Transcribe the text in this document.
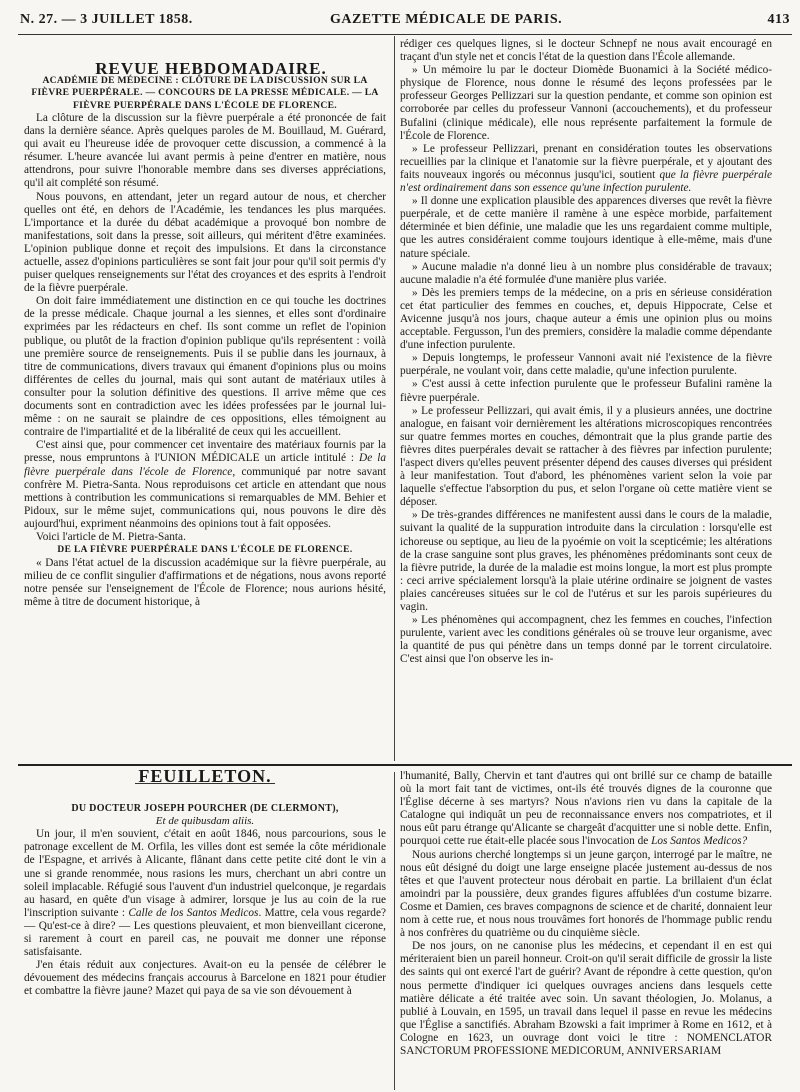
N. 27. — 3 JUILLET 1858.	GAZETTE MÉDICALE DE PARIS.	413

REVUE HEBDOMADAIRE.

ACADÉMIE DE MÉDECINE : CLÔTURE DE LA DISCUSSION SUR LA FIÈVRE PUERPÉRALE. — CONCOURS DE LA PRESSE MÉDICALE. — LA FIÈVRE PUERPÉRALE DANS L'ÉCOLE DE FLORENCE.

La clôture de la discussion sur la fièvre puerpérale a été prononcée de fait dans la dernière séance. Après quelques paroles de M. Bouillaud, M. Guérard, qui avait eu l'heureuse idée de provoquer cette discussion, a commencé à la résumer. L'heure avancée lui avant permis à peine d'entrer en matière, nous attendrons, pour suivre l'honorable membre dans ses diverses appréciations, qu'il ait complété son résumé.

Nous pouvons, en attendant, jeter un regard autour de nous, et chercher quelles ont été, en dehors de l'Académie, les tendances les plus marquées. L'importance et la durée du débat académique a provoqué bon nombre de manifestations, soit dans la presse, soit ailleurs, qui méritent d'être examinées. L'opinion publique donne et reçoit des impulsions. Et dans la circonstance actuelle, assez d'opinions particulières se sont fait jour pour qu'il soit permis d'y puiser quelques renseignements sur l'état des croyances et des esprits à l'endroit de la fièvre puerpérale.

On doit faire immédiatement une distinction en ce qui touche les doctrines de la presse médicale. Chaque journal a les siennes, et elles sont d'ordinaire exprimées par les rédacteurs en chef. Ils sont comme un reflet de l'opinion publique, ou plutôt de la fraction d'opinion publique qu'ils représentent : voilà une première source de renseignements. Puis il se publie dans les journaux, à titre de communications, divers travaux qui émanent d'opinions plus ou moins différentes de celles du journal, mais qui sont autant de matériaux utiles à consulter pour la solution définitive des questions. Il arrive même que ces documents sont en contradiction avec les idées professées par le journal lui-même : on ne saurait se plaindre de ces oppositions, elles témoignent au contraire de l'impartialité et de la libéralité de ceux qui les accueillent.

C'est ainsi que, pour commencer cet inventaire des matériaux fournis par la presse, nous empruntons à l'UNION MÉDICALE un article intitulé : De la fièvre puerpérale dans l'école de Florence, communiqué par notre savant confrère M. Pietra-Santa. Nous reproduisons cet article en attendant que nous mettions à contribution les communications si remarquables de MM. Behier et Pidoux, sur le même sujet, communications qui, nous pouvons le dire dès aujourd'hui, expriment néanmoins des opinions tout à fait opposées.

Voici l'article de M. Pietra-Santa.

DE LA FIÈVRE PUERPÉRALE DANS L'ÉCOLE DE FLORENCE.

« Dans l'état actuel de la discussion académique sur la fièvre puerpérale, au milieu de ce conflit singulier d'affirmations et de négations, nous avons reporté notre pensée sur l'enseignement de l'École de Florence; nous aurions hésité, même à titre de document historique, à

rédiger ces quelques lignes, si le docteur Schnepf ne nous avait encouragé en traçant d'un style net et concis l'état de la question dans l'École allemande.

» Un mémoire lu par le docteur Diomède Buonamici à la Société médico-physique de Florence, nous donne le résumé des leçons professées par le professeur Georges Pellizzari sur la question pendante, et comme son opinion est corroborée par celles du professeur Vannoni (accouchements), et du professeur Bufalini (clinique médicale), elle nous représente parfaitement la formule de l'École de Florence.

» Le professeur Pellizzari, prenant en considération toutes les observations recueillies par la clinique et l'anatomie sur la fièvre puerpérale, et y ajoutant des faits nouveaux ingorés ou méconnus jusqu'ici, soutient que la fièvre puerpérale n'est ordinairement dans son essence qu'une infection purulente.

» Il donne une explication plausible des apparences diverses que revêt la fièvre puerpérale, et de cette manière il ramène à une espèce morbide, parfaitement déterminée et bien définie, une maladie que les uns regardaient comme multiple, que les autres considéraient comme toujours identique à elle-même, mais d'une nature spéciale.

» Aucune maladie n'a donné lieu à un nombre plus considérable de travaux; aucune maladie n'a été formulée d'une manière plus variée.

» Dès les premiers temps de la médecine, on a pris en sérieuse considération cet état particulier des femmes en couches, et, depuis Hippocrate, Celse et Avicenne jusqu'à nos jours, chaque auteur a émis une opinion plus ou moins acceptable. Fergusson, l'un des premiers, considère la maladie comme dépendante d'une infection purulente.

» Depuis longtemps, le professeur Vannoni avait nié l'existence de la fièvre puerpérale, ne voulant voir, dans cette maladie, qu'une infection purulente.

» C'est aussi à cette infection purulente que le professeur Bufalini ramène la fièvre puerpérale.

» Le professeur Pellizzari, qui avait émis, il y a plusieurs années, une doctrine analogue, en faisant voir dernièrement les altérations microscopiques rencontrées sur quatre femmes mortes en couches, démontrait que la plus grande partie des fièvres dites puerpérales devait se rattacher à des fièvres par infection purulente; l'aspect divers qu'elles peuvent présenter dépend des causes diverses qui président à leur manifestation. Tout d'abord, les phénomènes varient selon la voie par laquelle s'effectue l'absorption du pus, et selon l'organe où cette matière vient se déposer.

» De très-grandes différences ne manifestent aussi dans le cours de la maladie, suivant la qualité de la suppuration introduite dans la circulation : lorsqu'elle est ichoreuse ou septique, au lieu de la pyoémie on voit la scepticémie; les altérations de la crase sanguine sont plus graves, les phénomènes prédominants sont ceux de la fièvre putride, la durée de la maladie est moins longue, la mort est plus prompte : ceci arrive spécialement lorsqu'à la plaie utérine ordinaire se joignent de vastes plaies cancéreuses situées sur le col de l'utérus et sur les parois supérieures du vagin.

» Les phénomènes qui accompagnent, chez les femmes en couches, l'infection purulente, varient avec les conditions générales où se trouve leur organisme, avec la quantité de pus qui pénètre dans un temps donné par le torrent circulatoire. C'est ainsi que l'on observe les in-

FEUILLETON.

DU DOCTEUR JOSEPH POURCHER (DE CLERMONT),

Et de quibusdam aliis.

Un jour, il m'en souvient, c'était en août 1846, nous parcourions, sous le patronage excellent de M. Orfila, les villes dont est semée la côte méridionale de l'Espagne, et arrivés à Alicante, flânant dans cette petite cité dont le vin a une si grande renommée, nous rasions les murs, cherchant un abri contre un soleil implacable. Réfugié sous l'auvent d'un industriel quelconque, je regardais au hasard, en quête d'un visage à admirer, lorsque je lus au coin de la rue l'inscription suivante : Calle de los Santos Medicos. Mattre, cela vous regarde? — Qu'est-ce à dire? — Les questions pleuvaient, et mon bienveillant cicerone, si rarement à court en pareil cas, ne pouvait me donner une réponse satisfaisante.

J'en étais réduit aux conjectures. Avait-on eu la pensée de célébrer le dévouement des médecins français accourus à Barcelone en 1821 pour étudier et combattre la fièvre jaune? Mazet qui paya de sa vie son dévouement à

l'humanité, Bally, Chervin et tant d'autres qui ont brillé sur ce champ de bataille où la mort fait tant de victimes, ont-ils été trouvés dignes de la couronne que l'Église décerne à ses martyrs? Nous n'avions rien vu dans la capitale de la Catalogne qui indiquât un peu de reconnaissance envers nos compatriotes, et il nous eût paru étrange qu'Alicante se chargeât d'acquitter une si noble dette. Enfin, pourquoi cette rue était-elle placée sous l'invocation de Los Santos Medicos?

Nous aurions cherché longtemps si un jeune garçon, interrogé par le maître, ne nous eût désigné du doigt une large enseigne placée justement au-dessus de nos têtes et que l'auvent protecteur nous dérobait en partie. La brillaient d'un éclat amoindri par la poussière, deux grandes figures affublées d'un costume bizarre. Cosme et Damien, ces braves compagnons de science et de charité, donnaient leur nom à cette rue, et nous nous trouvâmes fort honorés de l'hommage public rendu à nos confrères du quatrième ou du cinquième siècle.

De nos jours, on ne canonise plus les médecins, et cependant il en est qui mériteraient bien un pareil honneur. Croit-on qu'il serait difficile de grossir la liste des saints qui ont exercé l'art de guérir? Avant de répondre à cette question, qu'on nous permette d'indiquer ici quelques ouvrages anciens dans lesquels cette matière délicate a été traitée avec soin. Un savant théologien, Jo. Molanus, a publié à Louvain, en 1595, un travail dans lequel il passe en revue les médecins que l'Église a sanctifiés. Abraham Bzowski a fait imprimer à Rome en 1612, et à Cologne en 1623, un ouvrage dont voici le titre : NOMENCLATOR SANCTORUM PROFESSIONE MEDICORUM, ANNIVERSARIAM
